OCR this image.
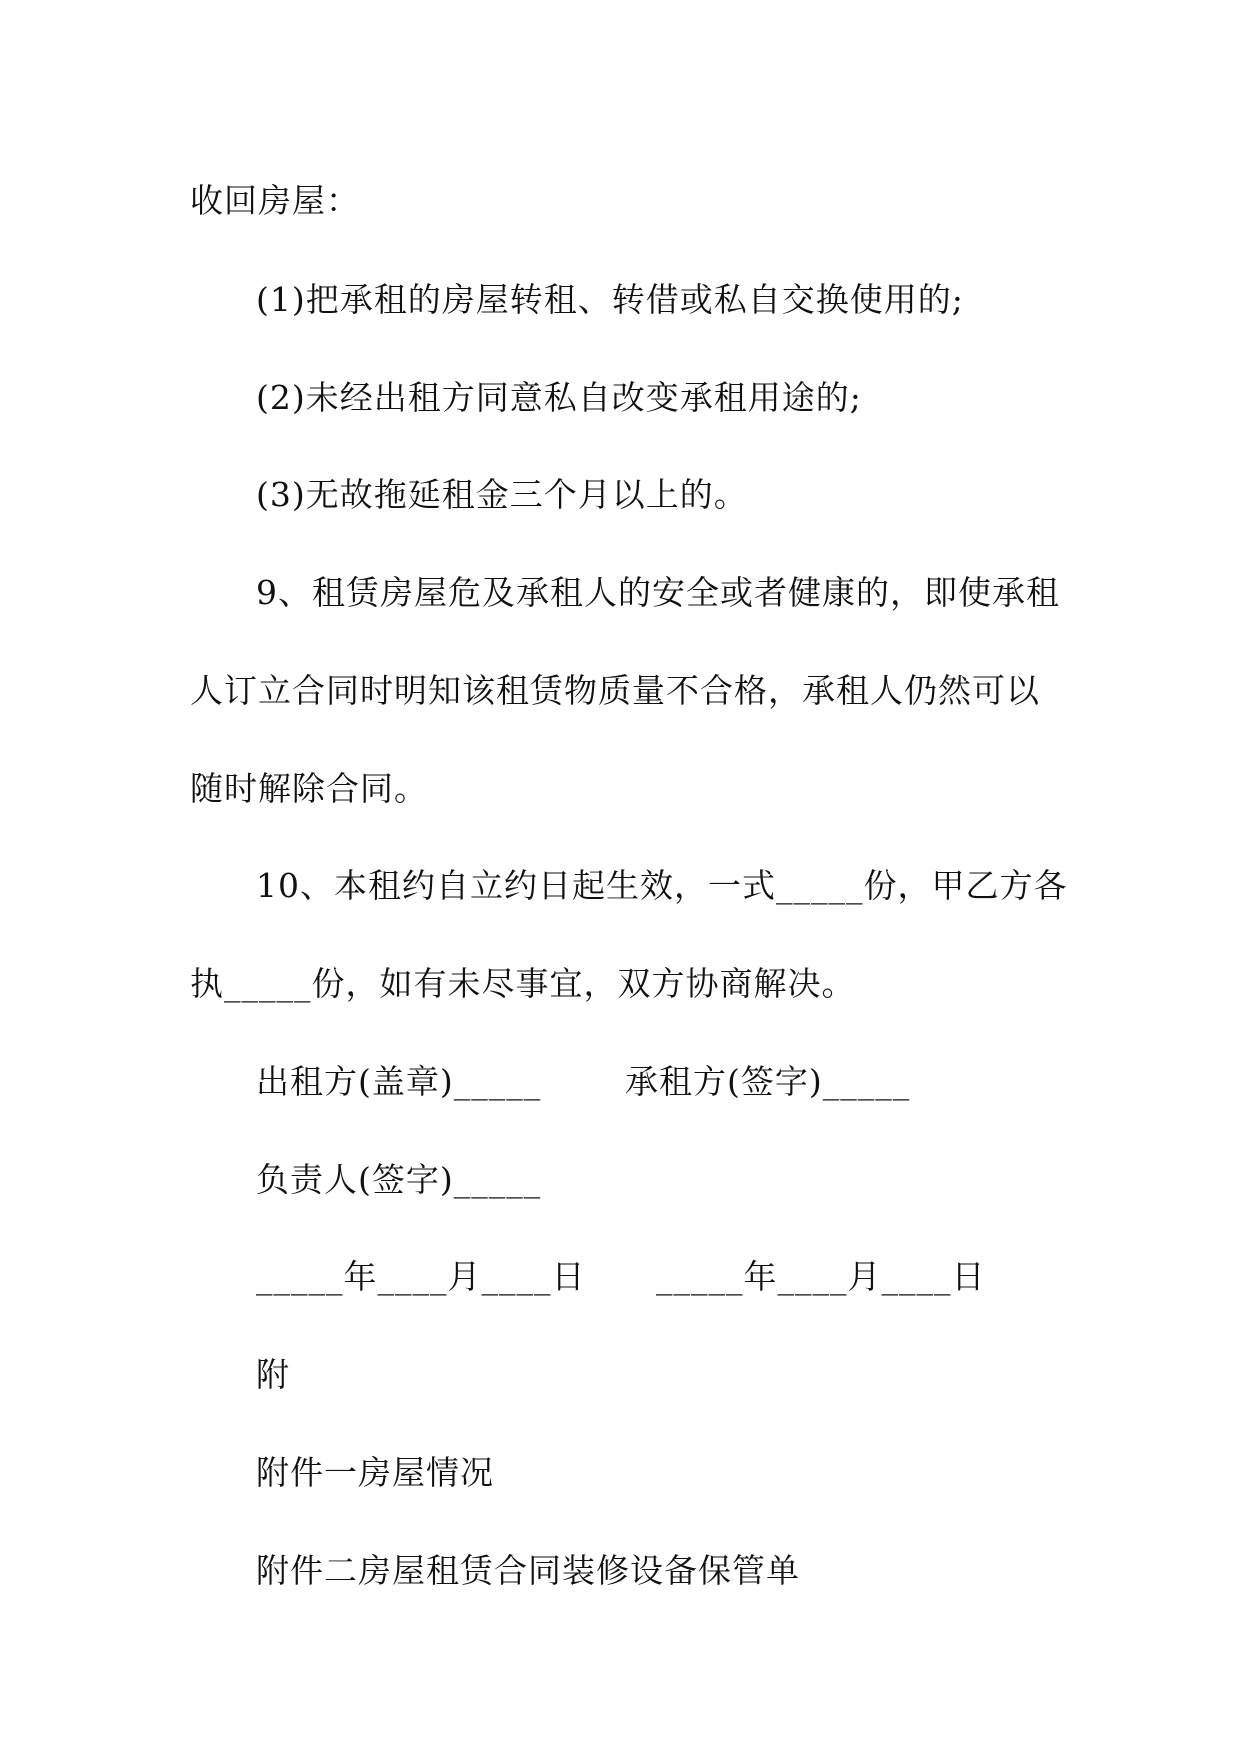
收回房屋：
(1)把承租的房屋转租、转借或私自交换使用的;
(2)未经出租方同意私自改变承租用途的;
(3)无故拖延租金三个月以上的。
9、租赁房屋危及承租人的安全或者健康的，即使承租
人订立合同时明知该租赁物质量不合格，承租人仍然可以
随时解除合同。
10、本租约自立约日起生效，一式_____份，甲乙方各
执_____份，如有未尽事宜，双方协商解决。
出租方(盖章)_____	承租方(签字)_____
负责人(签字)_____
_____年____月____日 _____年____月____日
附
附件一房屋情况
附件二房屋租赁合同装修设备保管单
